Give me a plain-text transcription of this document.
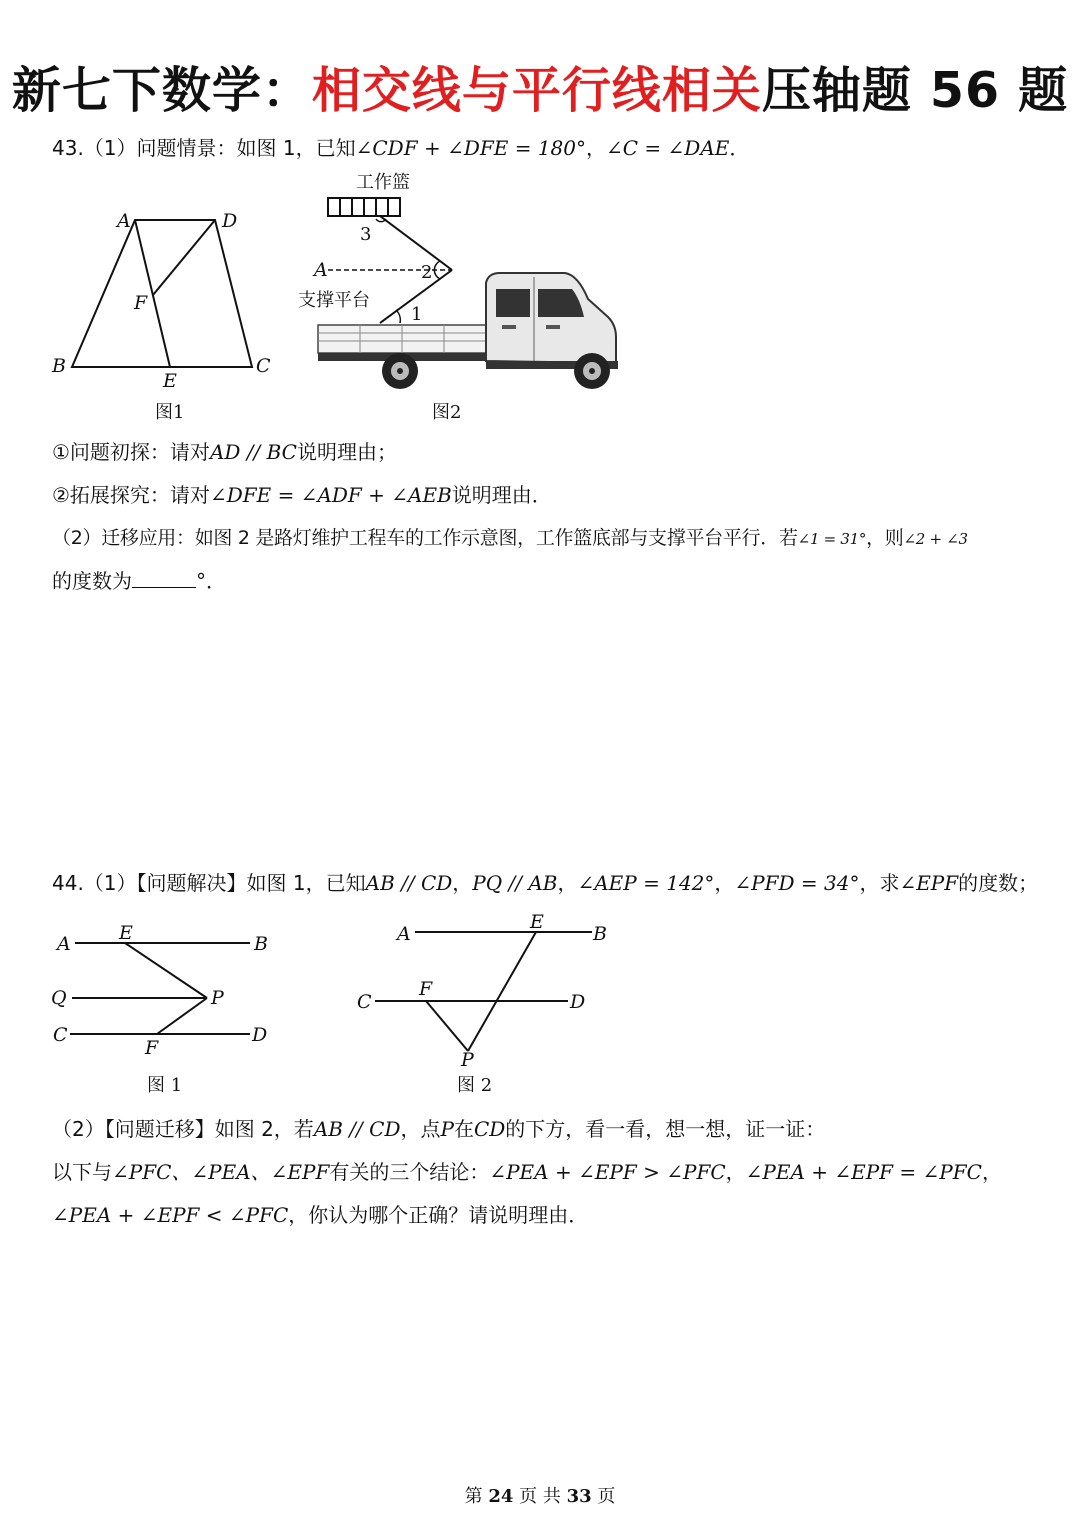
新七下数学：相交线与平行线相关压轴题 56 题
43.（1）问题情景：如图 1，已知∠CDF + ∠DFE = 180°，∠C = ∠DAE．
A	D
F
B
E
C
图1
工作篮
3
A	2
支撑平台
1
图2
①问题初探：请对AD // BC说明理由；
②拓展探究：请对∠DFE = ∠ADF + ∠AEB说明理由．
（2）迁移应用：如图 2 是路灯维护工程车的工作示意图，工作篮底部与支撑平台平行．若∠1 = 31°，则∠2 + ∠3
的度数为	°．
44.（1）【问题解决】如图 1，已知AB // CD，PQ // AB，∠AEP = 142°，∠PFD = 34°，求∠EPF的度数；
A	E	B
Q	P
C
F
D
图 1
A
E
B
C
F
D
P
图 2
（2）【问题迁移】如图 2，若AB // CD，点P在CD的下方，看一看，想一想，证一证：
以下与∠PFC、∠PEA、∠EPF有关的三个结论：∠PEA + ∠EPF > ∠PFC，∠PEA + ∠EPF = ∠PFC，
∠PEA + ∠EPF < ∠PFC，你认为哪个正确？请说明理由．
第 24 页 共 33 页
